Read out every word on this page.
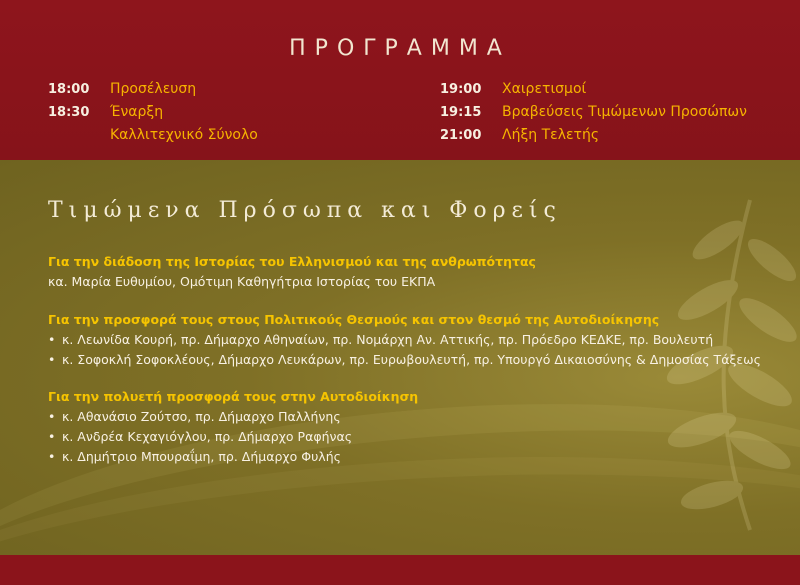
ΠΡΟΓΡΑΜΜΑ
18:00	Προσέλευση
18:30	Έναρξη
Καλλιτεχνικό Σύνολο
19:00	Χαιρετισμοί
19:15	Βραβεύσεις Τιμώμενων Προσώπων
21:00	Λήξη Τελετής
Τιμώμενα Πρόσωπα και Φορείς
Για την διάδοση της Ιστορίας του Ελληνισμού και της ανθρωπότητας
κα. Μαρία Ευθυμίου, Ομότιμη Καθηγήτρια Ιστορίας του ΕΚΠΑ
Για την προσφορά τους στους Πολιτικούς Θεσμούς και στον θεσμό της Αυτοδιοίκησης
• κ. Λεωνίδα Κουρή, πρ. Δήμαρχο Αθηναίων, πρ. Νομάρχη Αν. Αττικής, πρ. Πρόεδρο ΚΕΔΚΕ, πρ. Βουλευτή
• κ. Σοφοκλή Σοφοκλέους, Δήμαρχο Λευκάρων, πρ. Ευρωβουλευτή, πρ. Υπουργό Δικαιοσύνης & Δημοσίας Τάξεως
Για την πολυετή προσφορά τους στην Αυτοδιοίκηση
• κ. Αθανάσιο Ζούτσο, πρ. Δήμαρχο Παλλήνης
• κ. Ανδρέα Κεχαγιόγλου, πρ. Δήμαρχο Ραφήνας
• κ. Δημήτριο Μπουραΐμη, πρ. Δήμαρχο Φυλής
